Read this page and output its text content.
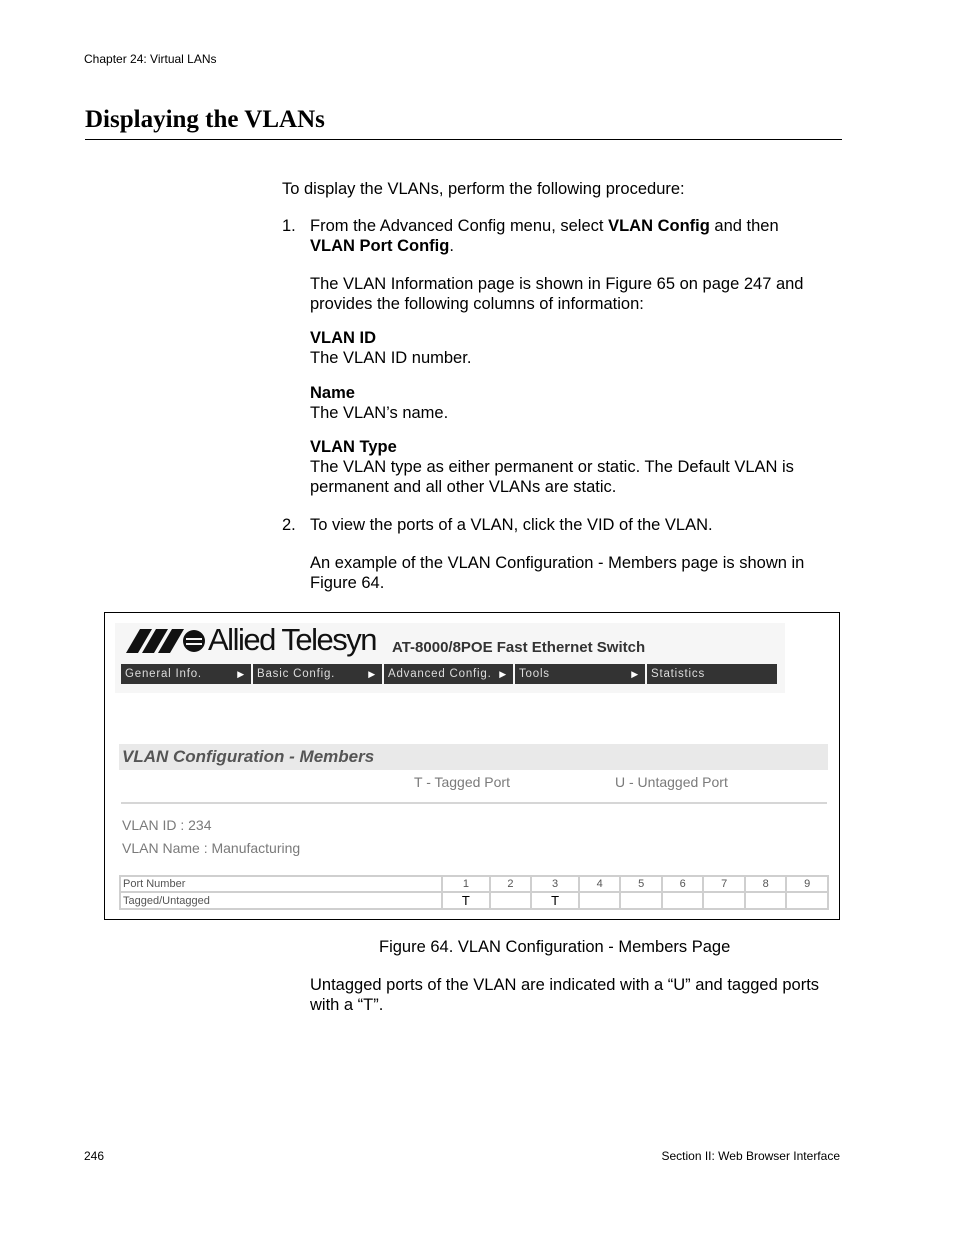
Chapter 24: Virtual LANs
Displaying the VLANs
To display the VLANs, perform the following procedure:
1. From the Advanced Config menu, select VLAN Config and then
VLAN Port Config.
The VLAN Information page is shown in Figure 65 on page 247 and
provides the following columns of information:
VLAN ID
The VLAN ID number.
Name
The VLAN’s name.
VLAN Type
The VLAN type as either permanent or static. The Default VLAN is
permanent and all other VLANs are static.
2. To view the ports of a VLAN, click the VID of the VLAN.
An example of the VLAN Configuration - Members page is shown in
Figure 64.
Allied Telesyn AT-8000/8POE Fast Ethernet Switch
General Info.	▶	Basic Config.	▶	Advanced Config. ▶	Tools	▶	Statistics
VLAN Configuration - Members
T - Tagged Port	U - Untagged Port
VLAN ID : 234
VLAN Name : Manufacturing
Port Number	1	2	3	4	5	6	7	8	9
Tagged/Untagged	T		T						
Figure 64. VLAN Configuration - Members Page
Untagged ports of the VLAN are indicated with a “U” and tagged ports
with a “T”.
246	Section II: Web Browser Interface
